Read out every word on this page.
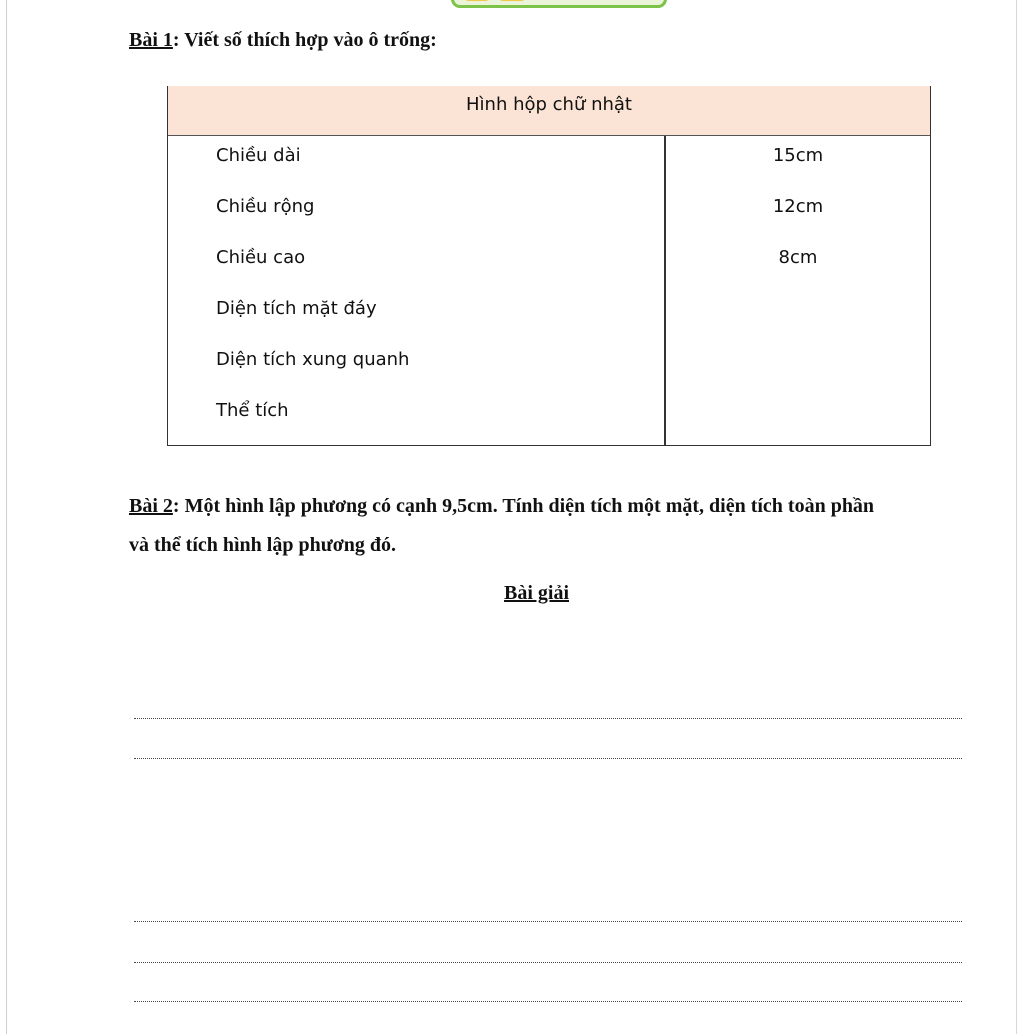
Bài 1: Viết số thích hợp vào ô trống:
Hình hộp chữ nhật
Chiều dài	15cm
Chiều rộng	12cm
Chiều cao	8cm
Diện tích mặt đáy
Diện tích xung quanh
Thể tích
Bài 2: Một hình lập phương có cạnh 9,5cm. Tính diện tích một mặt, diện tích toàn phần
và thể tích hình lập phương đó.
Bài giải
